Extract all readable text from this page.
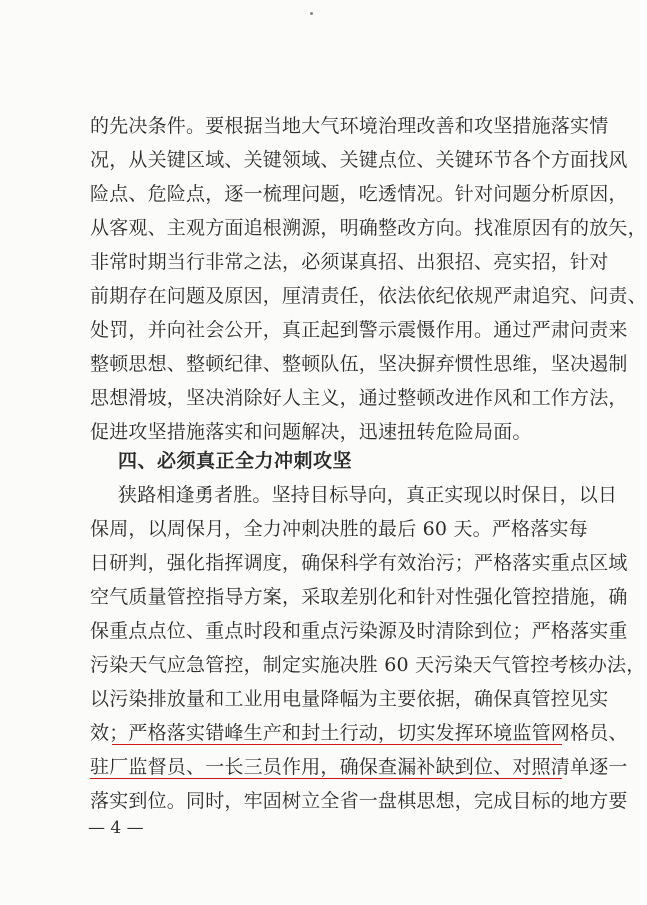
的先决条件。要根据当地大气环境治理改善和攻坚措施落实情
况，从关键区域、关键领域、关键点位、关键环节各个方面找风
险点、危险点，逐一梳理问题，吃透情况。针对问题分析原因，
从客观、主观方面追根溯源，明确整改方向。找准原因有的放矢，
非常时期当行非常之法，必须谋真招、出狠招、亮实招，针对
前期存在问题及原因，厘清责任，依法依纪依规严肃追究、问责、
处罚，并向社会公开，真正起到警示震慑作用。通过严肃问责来
整顿思想、整顿纪律、整顿队伍，坚决摒弃惯性思维，坚决遏制
思想滑坡，坚决消除好人主义，通过整顿改进作风和工作方法，
促进攻坚措施落实和问题解决，迅速扭转危险局面。
四、必须真正全力冲刺攻坚
狭路相逢勇者胜。坚持目标导向，真正实现以时保日，以日
保周，以周保月，全力冲刺决胜的最后 60 天。严格落实每
日研判，强化指挥调度，确保科学有效治污；严格落实重点区域
空气质量管控指导方案，采取差别化和针对性强化管控措施，确
保重点点位、重点时段和重点污染源及时清除到位；严格落实重
污染天气应急管控，制定实施决胜 60 天污染天气管控考核办法，
以污染排放量和工业用电量降幅为主要依据，确保真管控见实
效；严格落实错峰生产和封土行动，切实发挥环境监管网格员、
驻厂监督员、一长三员作用，确保查漏补缺到位、对照清单逐一
落实到位。同时，牢固树立全省一盘棋思想，完成目标的地方要
— 4 —
